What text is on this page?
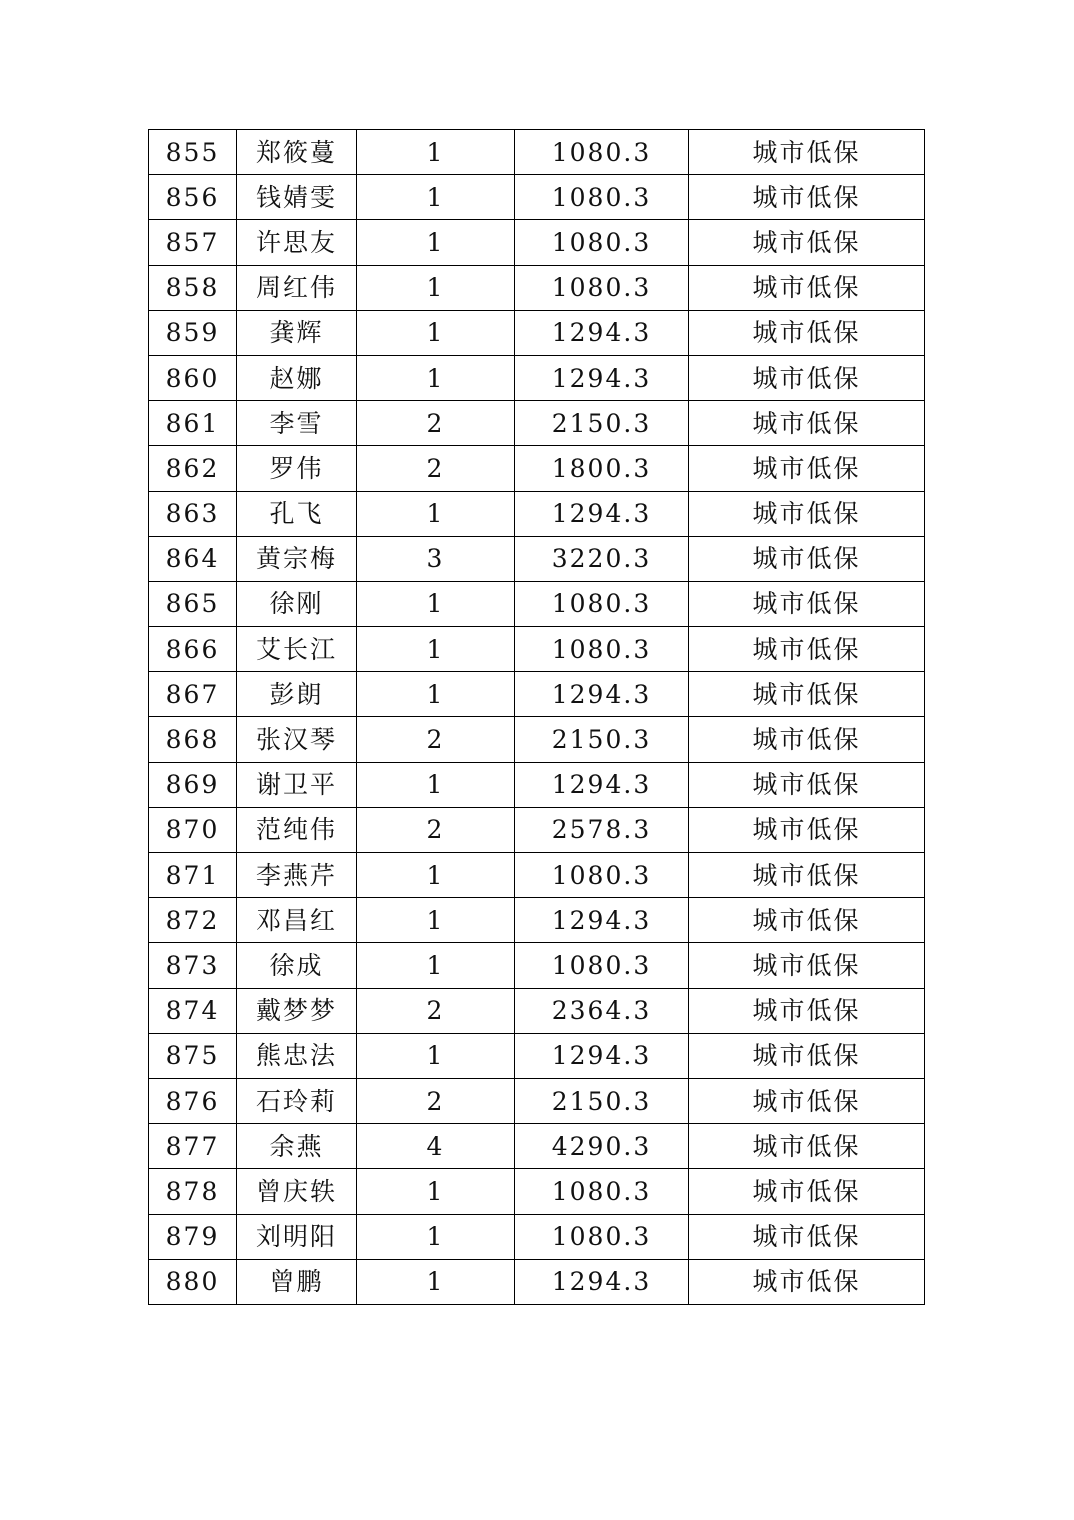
855	郑筱蔓	1	1080.3	城市低保
856	钱婧雯	1	1080.3	城市低保
857	许思友	1	1080.3	城市低保
858	周红伟	1	1080.3	城市低保
859	龚辉	1	1294.3	城市低保
860	赵娜	1	1294.3	城市低保
861	李雪	2	2150.3	城市低保
862	罗伟	2	1800.3	城市低保
863	孔飞	1	1294.3	城市低保
864	黄宗梅	3	3220.3	城市低保
865	徐刚	1	1080.3	城市低保
866	艾长江	1	1080.3	城市低保
867	彭朗	1	1294.3	城市低保
868	张汉琴	2	2150.3	城市低保
869	谢卫平	1	1294.3	城市低保
870	范纯伟	2	2578.3	城市低保
871	李燕芹	1	1080.3	城市低保
872	邓昌红	1	1294.3	城市低保
873	徐成	1	1080.3	城市低保
874	戴梦梦	2	2364.3	城市低保
875	熊忠法	1	1294.3	城市低保
876	石玲莉	2	2150.3	城市低保
877	余燕	4	4290.3	城市低保
878	曾庆轶	1	1080.3	城市低保
879	刘明阳	1	1080.3	城市低保
880	曾鹏	1	1294.3	城市低保
